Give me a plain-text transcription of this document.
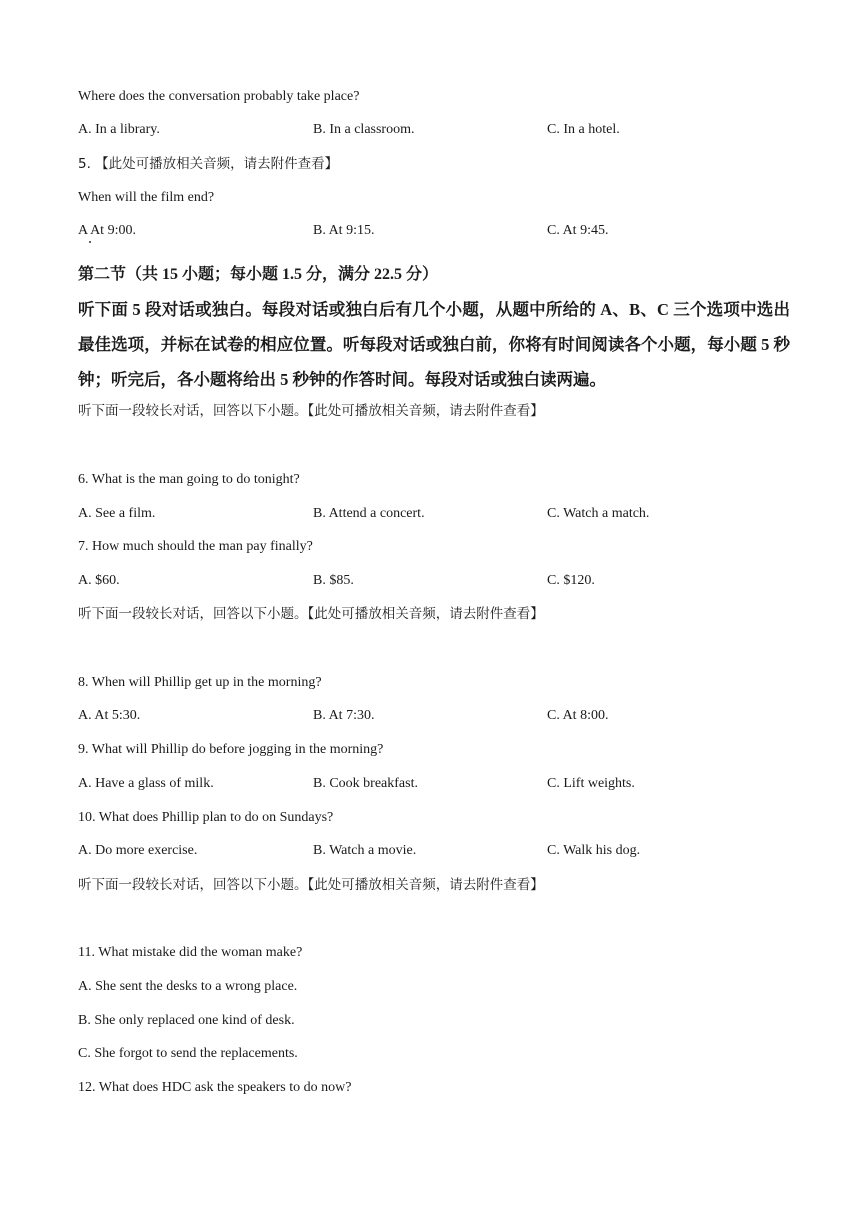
Where does the conversation probably take place?
A. In a library.	B. In a classroom.	C. In a hotel.
5. 【此处可播放相关音频，请去附件查看】
When will the film end?
A At 9:00.	B. At 9:15.	C. At 9:45.
第二节（共 15 小题；每小题 1.5 分，满分 22.5 分）
听下面 5 段对话或独白。每段对话或独白后有几个小题，从题中所给的 A、B、C 三个选项中选出最佳选项，并标在试卷的相应位置。听每段对话或独白前，你将有时间阅读各个小题，每小题 5 秒钟；听完后，各小题将给出 5 秒钟的作答时间。每段对话或独白读两遍。
听下面一段较长对话，回答以下小题。【此处可播放相关音频，请去附件查看】
6. What is the man going to do tonight?
A. See a film.	B. Attend a concert.	C. Watch a match.
7. How much should the man pay finally?
A. $60.	B. $85.	C. $120.
听下面一段较长对话，回答以下小题。【此处可播放相关音频，请去附件查看】
8. When will Phillip get up in the morning?
A. At 5:30.	B. At 7:30.	C. At 8:00.
9. What will Phillip do before jogging in the morning?
A. Have a glass of milk.	B. Cook breakfast.	C. Lift weights.
10. What does Phillip plan to do on Sundays?
A. Do more exercise.	B. Watch a movie.	C. Walk his dog.
听下面一段较长对话，回答以下小题。【此处可播放相关音频，请去附件查看】
11. What mistake did the woman make?
A. She sent the desks to a wrong place.
B. She only replaced one kind of desk.
C. She forgot to send the replacements.
12. What does HDC ask the speakers to do now?
